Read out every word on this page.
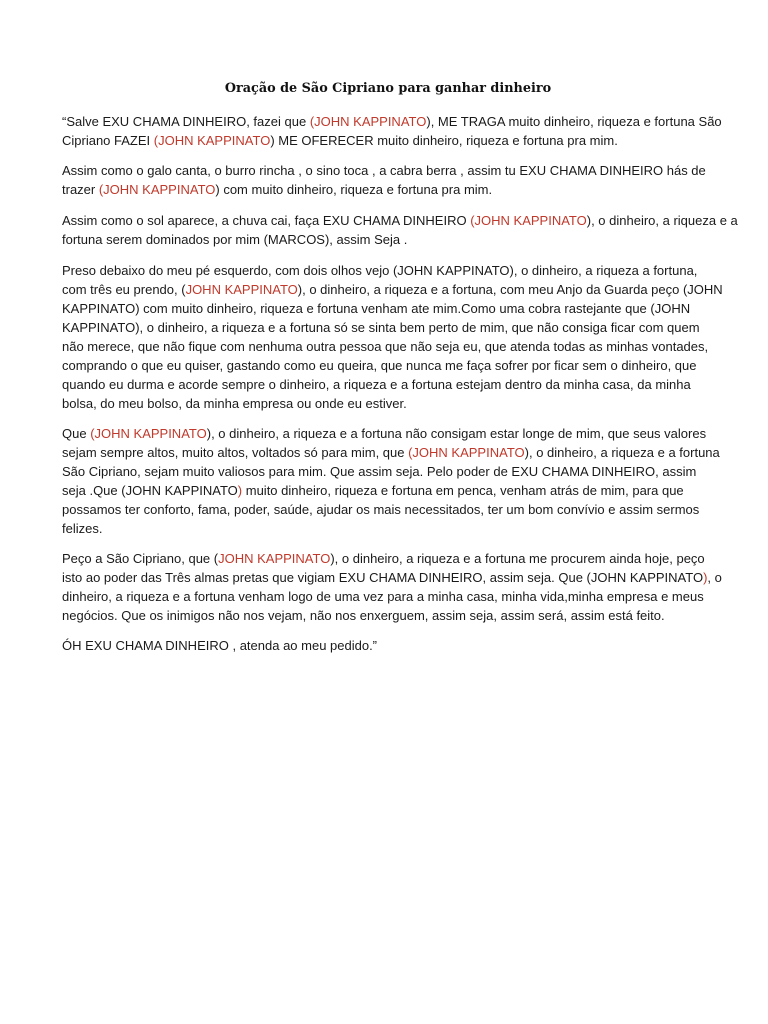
Oração de São Cipriano para ganhar dinheiro
“Salve EXU CHAMA DINHEIRO, fazei que (JOHN KAPPINATO), ME TRAGA muito dinheiro, riqueza e fortuna São
Cipriano FAZEI (JOHN KAPPINATO) ME OFERECER muito dinheiro, riqueza e fortuna pra mim.
Assim como o galo canta, o burro rincha , o sino toca , a cabra berra , assim tu EXU CHAMA DINHEIRO hás de
trazer (JOHN KAPPINATO) com muito dinheiro, riqueza e fortuna pra mim.
Assim como o sol aparece, a chuva cai, faça EXU CHAMA DINHEIRO (JOHN KAPPINATO), o dinheiro, a riqueza e a
fortuna serem dominados por mim (MARCOS), assim Seja .
Preso debaixo do meu pé esquerdo, com dois olhos vejo (JOHN KAPPINATO), o dinheiro, a riqueza a fortuna,
com três eu prendo, (JOHN KAPPINATO), o dinheiro, a riqueza e a fortuna, com meu Anjo da Guarda peço (JOHN
KAPPINATO) com muito dinheiro, riqueza e fortuna venham ate mim.Como uma cobra rastejante que (JOHN
KAPPINATO), o dinheiro, a riqueza e a fortuna só se sinta bem perto de mim, que não consiga ficar com quem
não merece, que não fique com nenhuma outra pessoa que não seja eu, que atenda todas as minhas vontades,
comprando o que eu quiser, gastando como eu queira, que nunca me faça sofrer por ficar sem o dinheiro, que
quando eu durma e acorde sempre o dinheiro, a riqueza e a fortuna estejam dentro da minha casa, da minha
bolsa, do meu bolso, da minha empresa ou onde eu estiver.
Que (JOHN KAPPINATO), o dinheiro, a riqueza e a fortuna não consigam estar longe de mim, que seus valores
sejam sempre altos, muito altos, voltados só para mim, que (JOHN KAPPINATO), o dinheiro, a riqueza e a fortuna
São Cipriano, sejam muito valiosos para mim. Que assim seja. Pelo poder de EXU CHAMA DINHEIRO, assim
seja .Que (JOHN KAPPINATO) muito dinheiro, riqueza e fortuna em penca, venham atrás de mim, para que
possamos ter conforto, fama, poder, saúde, ajudar os mais necessitados, ter um bom convívio e assim sermos
felizes.
Peço a São Cipriano, que (JOHN KAPPINATO), o dinheiro, a riqueza e a fortuna me procurem ainda hoje, peço
isto ao poder das Três almas pretas que vigiam EXU CHAMA DINHEIRO, assim seja. Que (JOHN KAPPINATO), o
dinheiro, a riqueza e a fortuna venham logo de uma vez para a minha casa, minha vida,minha empresa e meus
negócios. Que os inimigos não nos vejam, não nos enxerguem, assim seja, assim será, assim está feito.
ÓH EXU CHAMA DINHEIRO , atenda ao meu pedido.”
